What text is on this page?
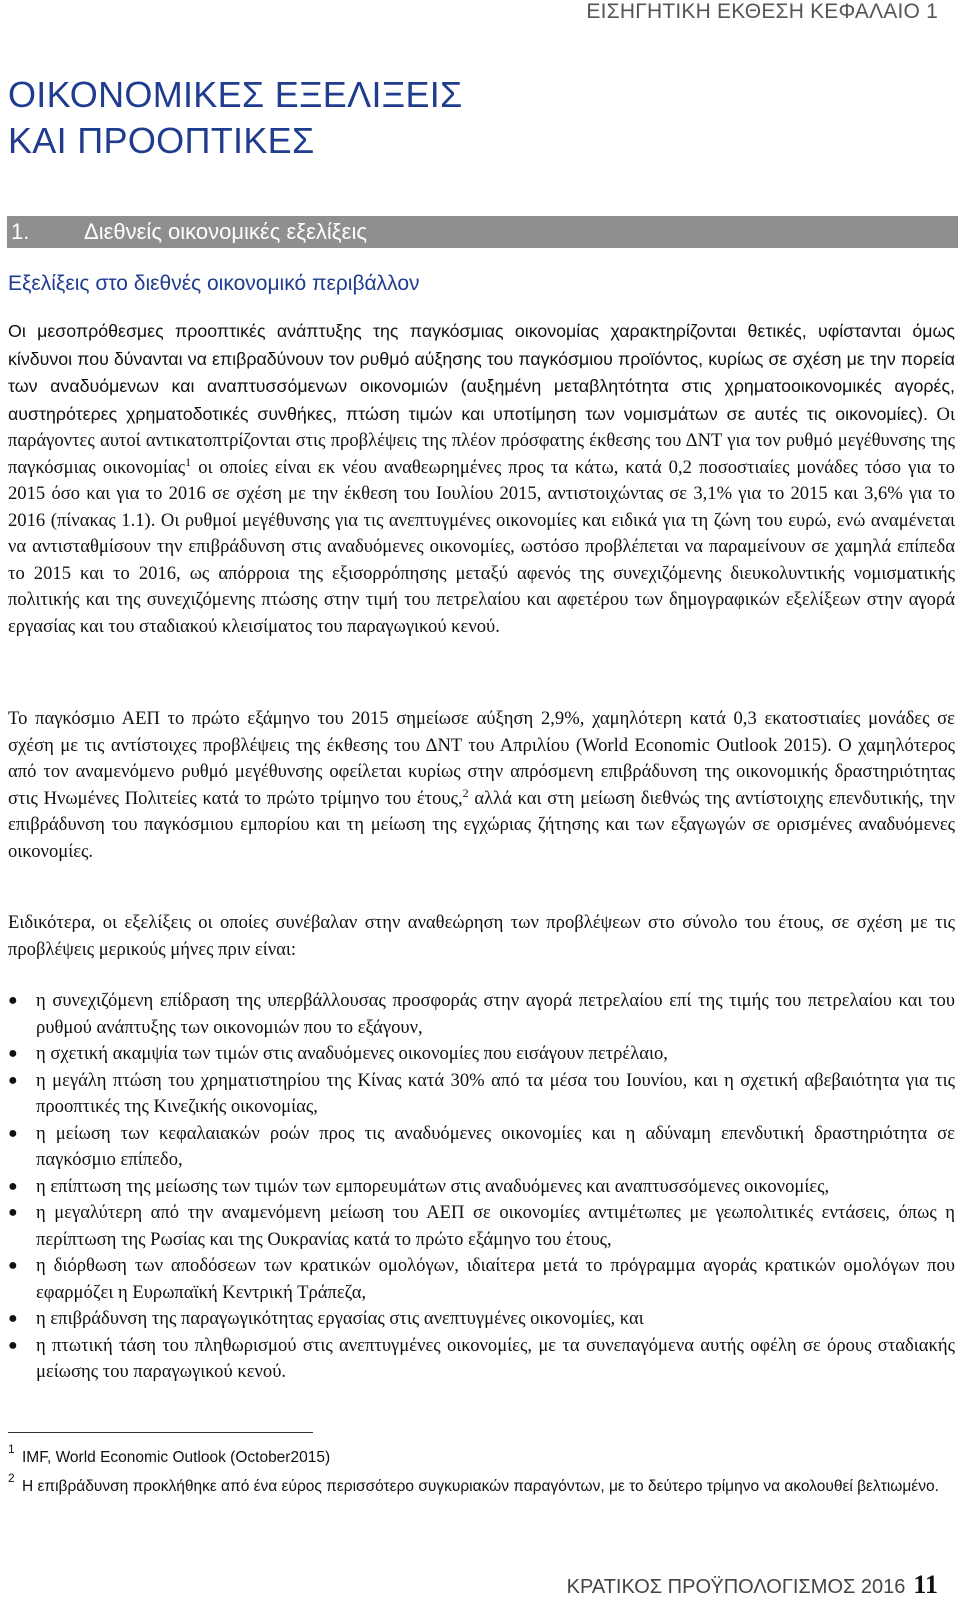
ΕΙΣΗΓΗΤΙΚΗ ΕΚΘΕΣΗ ΚΕΦΑΛΑΙΟ 1
ΟΙΚΟΝΟΜΙΚΕΣ ΕΞΕΛΙΞΕΙΣ
ΚΑΙ ΠΡΟΟΠΤΙΚΕΣ
1. Διεθνείς οικονομικές εξελίξεις
Εξελίξεις στο διεθνές οικονομικό περιβάλλον
Οι μεσοπρόθεσμες προοπτικές ανάπτυξης της παγκόσμιας οικονομίας χαρακτηρίζονται θετικές, υφίστανται όμως κίνδυνοι που δύνανται να επιβραδύνουν τον ρυθμό αύξησης του παγκόσμιου προϊόντος, κυρίως σε σχέση με την πορεία των αναδυόμενων και αναπτυσσόμενων οικονομιών (αυξημένη μεταβλητότητα στις χρηματοοικονομικές αγορές, αυστηρότερες χρηματοδοτικές συνθήκες, πτώση τιμών και υποτίμηση των νομισμάτων σε αυτές τις οικονομίες). Οι παράγοντες αυτοί αντικατοπτρίζονται στις προβλέψεις της πλέον πρόσφατης έκθεσης του ΔΝΤ για τον ρυθμό μεγέθυνσης της παγκόσμιας οικονομίας$^1$ οι οποίες είναι εκ νέου αναθεωρημένες προς τα κάτω, κατά 0,2 ποσοστιαίες μονάδες τόσο για το 2015 όσο και για το 2016 σε σχέση με την έκθεση του Ιουλίου 2015, αντιστοιχώντας σε 3,1% για το 2015 και 3,6% για το 2016 (πίνακας 1.1). Οι ρυθμοί μεγέθυνσης για τις ανεπτυγμένες οικονομίες και ειδικά για τη ζώνη του ευρώ, ενώ αναμένεται να αντισταθμίσουν την επιβράδυνση στις αναδυόμενες οικονομίες, ωστόσο προβλέπεται να παραμείνουν σε χαμηλά επίπεδα το 2015 και το 2016, ως απόρροια της εξισορρόπησης μεταξύ αφενός της συνεχιζόμενης διευκολυντικής νομισματικής πολιτικής και της συνεχιζόμενης πτώσης στην τιμή του πετρελαίου και αφετέρου των δημογραφικών εξελίξεων στην αγορά εργασίας και του σταδιακού κλεισίματος του παραγωγικού κενού.
Το παγκόσμιο ΑΕΠ το πρώτο εξάμηνο του 2015 σημείωσε αύξηση 2,9%, χαμηλότερη κατά 0,3 εκατοστιαίες μονάδες σε σχέση με τις αντίστοιχες προβλέψεις της έκθεσης του ΔΝΤ του Απριλίου (World Economic Outlook 2015). Ο χαμηλότερος από τον αναμενόμενο ρυθμό μεγέθυνσης οφείλεται κυρίως στην απρόσμενη επιβράδυνση της οικονομικής δραστηριότητας στις Ηνωμένες Πολιτείες κατά το πρώτο τρίμηνο του έτους,$^2$ αλλά και στη μείωση διεθνώς της αντίστοιχης επενδυτικής, την επιβράδυνση του παγκόσμιου εμπορίου και τη μείωση της εγχώριας ζήτησης και των εξαγωγών σε ορισμένες αναδυόμενες οικονομίες.
Ειδικότερα, οι εξελίξεις οι οποίες συνέβαλαν στην αναθεώρηση των προβλέψεων στο σύνολο του έτους, σε σχέση με τις προβλέψεις μερικούς μήνες πριν είναι:
● η συνεχιζόμενη επίδραση της υπερβάλλουσας προσφοράς στην αγορά πετρελαίου επί της τιμής του πετρελαίου και του ρυθμού ανάπτυξης των οικονομιών που το εξάγουν,
● η σχετική ακαμψία των τιμών στις αναδυόμενες οικονομίες που εισάγουν πετρέλαιο,
● η μεγάλη πτώση του χρηματιστηρίου της Κίνας κατά 30% από τα μέσα του Ιουνίου, και η σχετική αβεβαιότητα για τις προοπτικές της Κινεζικής οικονομίας,
● η μείωση των κεφαλαιακών ροών προς τις αναδυόμενες οικονομίες και η αδύναμη επενδυτική δραστηριότητα σε παγκόσμιο επίπεδο,
● η επίπτωση της μείωσης των τιμών των εμπορευμάτων στις αναδυόμενες και αναπτυσσόμενες οικονομίες,
● η μεγαλύτερη από την αναμενόμενη μείωση του ΑΕΠ σε οικονομίες αντιμέτωπες με γεωπολιτικές εντάσεις, όπως η περίπτωση της Ρωσίας και της Ουκρανίας κατά το πρώτο εξάμηνο του έτους,
● η διόρθωση των αποδόσεων των κρατικών ομολόγων, ιδιαίτερα μετά το πρόγραμμα αγοράς κρατικών ομολόγων που εφαρμόζει η Ευρωπαϊκή Κεντρική Τράπεζα,
● η επιβράδυνση της παραγωγικότητας εργασίας στις ανεπτυγμένες οικονομίες, και
● η πτωτική τάση του πληθωρισμού στις ανεπτυγμένες οικονομίες, με τα συνεπαγόμενα αυτής οφέλη σε όρους σταδιακής μείωσης του παραγωγικού κενού.
1 IMF, World Economic Outlook (October2015)
2 Η επιβράδυνση προκλήθηκε από ένα εύρος περισσότερο συγκυριακών παραγόντων, με το δεύτερο τρίμηνο να ακολουθεί βελτιωμένο.
ΚΡΑΤΙΚΟΣ ΠΡΟΫΠΟΛΟΓΙΣΜΟΣ 2016 11
